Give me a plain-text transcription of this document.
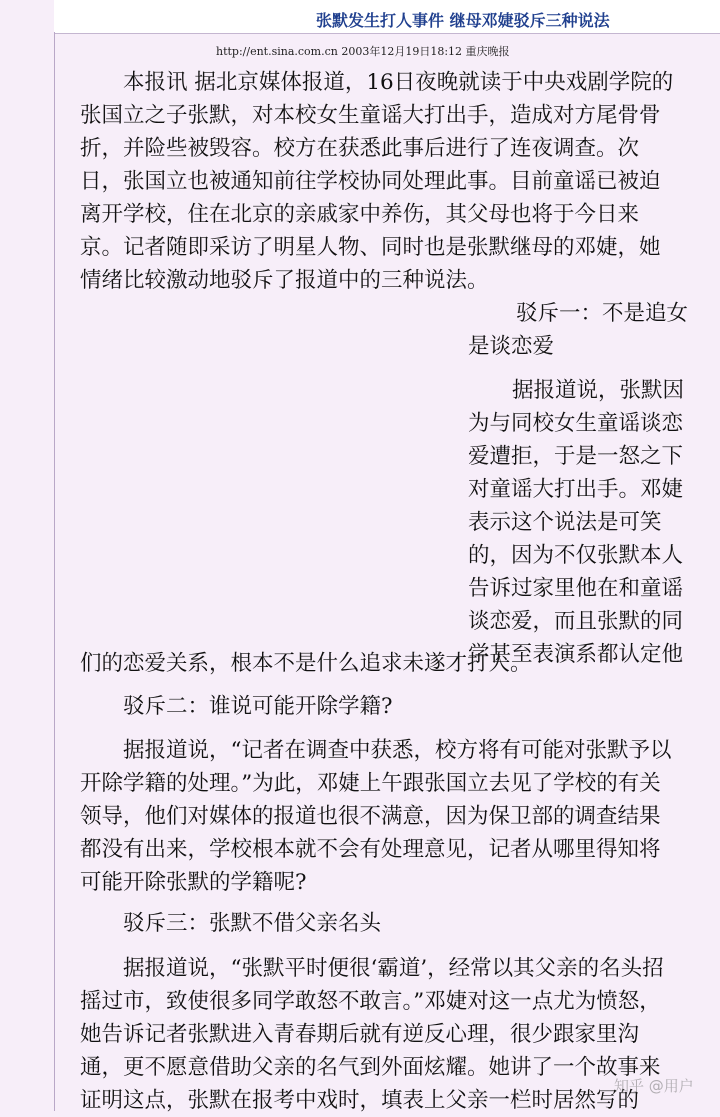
张默发生打人事件 继母邓婕驳斥三种说法
http://ent.sina.com.cn 2003年12月19日18:12 重庆晚报
　　本报讯 据北京媒体报道，16日夜晚就读于中央戏剧学院的
张国立之子张默，对本校女生童谣大打出手，造成对方尾骨骨
折，并险些被毁容。校方在获悉此事后进行了连夜调查。次
日，张国立也被通知前往学校协同处理此事。目前童谣已被迫
离开学校，住在北京的亲戚家中养伤，其父母也将于今日来
京。记者随即采访了明星人物、同时也是张默继母的邓婕，她
情绪比较激动地驳斥了报道中的三种说法。
驳斥一：不是追女
是谈恋爱
据报道说，张默因
为与同校女生童谣谈恋
爱遭拒，于是一怒之下
对童谣大打出手。邓婕
表示这个说法是可笑
的，因为不仅张默本人
告诉过家里他在和童谣
谈恋爱，而且张默的同
学甚至表演系都认定他
们的恋爱关系，根本不是什么追求未遂才打人。
　　驳斥二：谁说可能开除学籍?
　　据报道说，“记者在调查中获悉，校方将有可能对张默予以
开除学籍的处理。”为此，邓婕上午跟张国立去见了学校的有关
领导，他们对媒体的报道也很不满意，因为保卫部的调查结果
都没有出来，学校根本就不会有处理意见，记者从哪里得知将
可能开除张默的学籍呢?
　　驳斥三：张默不借父亲名头
　　据报道说，“张默平时便很‘霸道’，经常以其父亲的名头招
摇过市，致使很多同学敢怒不敢言。”邓婕对这一点尤为愤怒，
她告诉记者张默进入青春期后就有逆反心理，很少跟家里沟
通，更不愿意借助父亲的名气到外面炫耀。她讲了一个故事来
证明这点，张默在报考中戏时，填表上父亲一栏时居然写的
知乎 @用户
